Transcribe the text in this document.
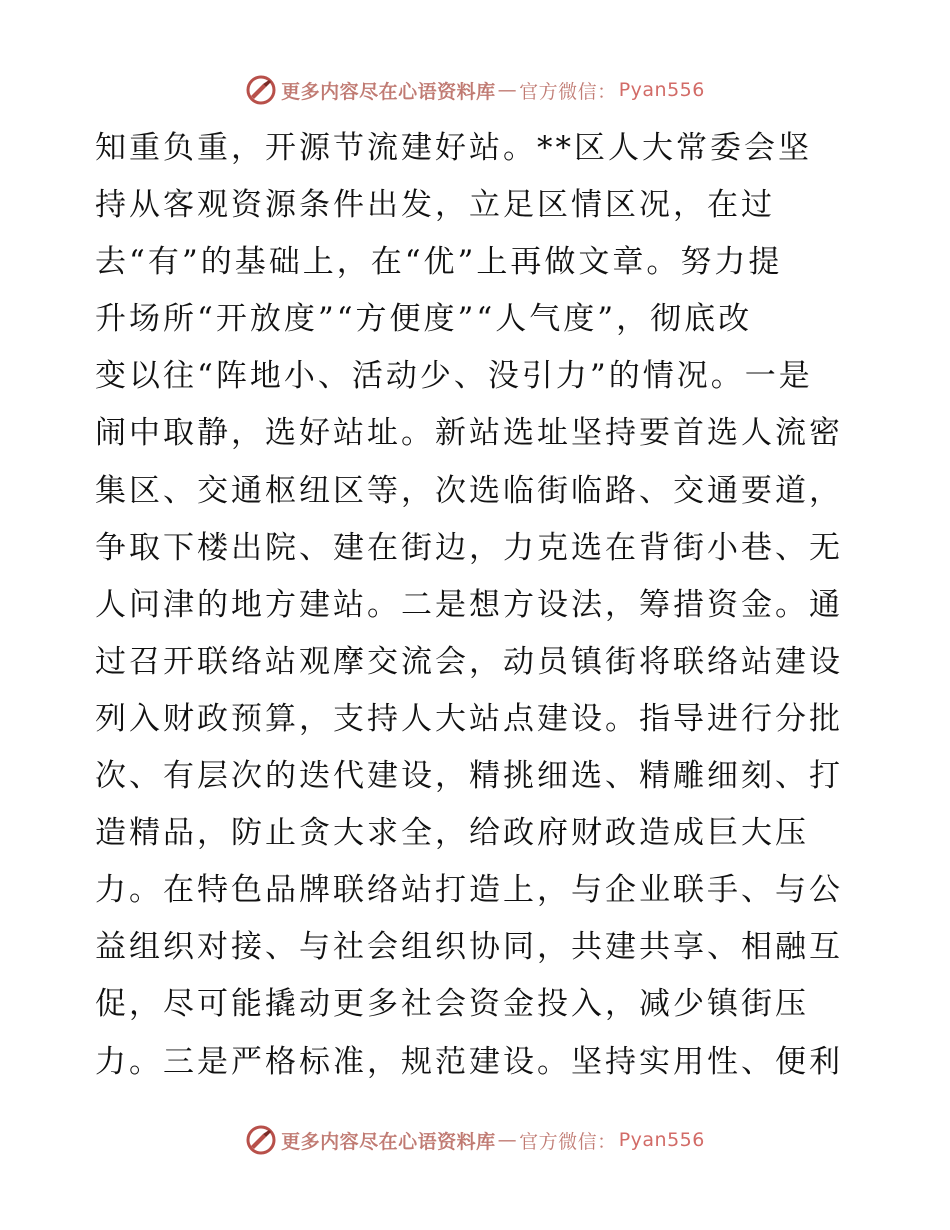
更多内容尽在心语资料库 — 官方微信： Pyan556
知重负重，开源节流建好站。**区人大常委会坚
持从客观资源条件出发，立足区情区况，在过
去“有”的基础上，在“优”上再做文章。努力提
升场所“开放度”“方便度”“人气度”，彻底改
变以往“阵地小、活动少、没引力”的情况。一是
闹中取静，选好站址。新站选址坚持要首选人流密
集区、交通枢纽区等，次选临街临路、交通要道，
争取下楼出院、建在街边，力克选在背街小巷、无
人问津的地方建站。二是想方设法，筹措资金。通
过召开联络站观摩交流会，动员镇街将联络站建设
列入财政预算，支持人大站点建设。指导进行分批
次、有层次的迭代建设，精挑细选、精雕细刻、打
造精品，防止贪大求全，给政府财政造成巨大压
力。在特色品牌联络站打造上，与企业联手、与公
益组织对接、与社会组织协同，共建共享、相融互
促，尽可能撬动更多社会资金投入，减少镇街压
力。三是严格标准，规范建设。坚持实用性、便利
更多内容尽在心语资料库 — 官方微信： Pyan556
